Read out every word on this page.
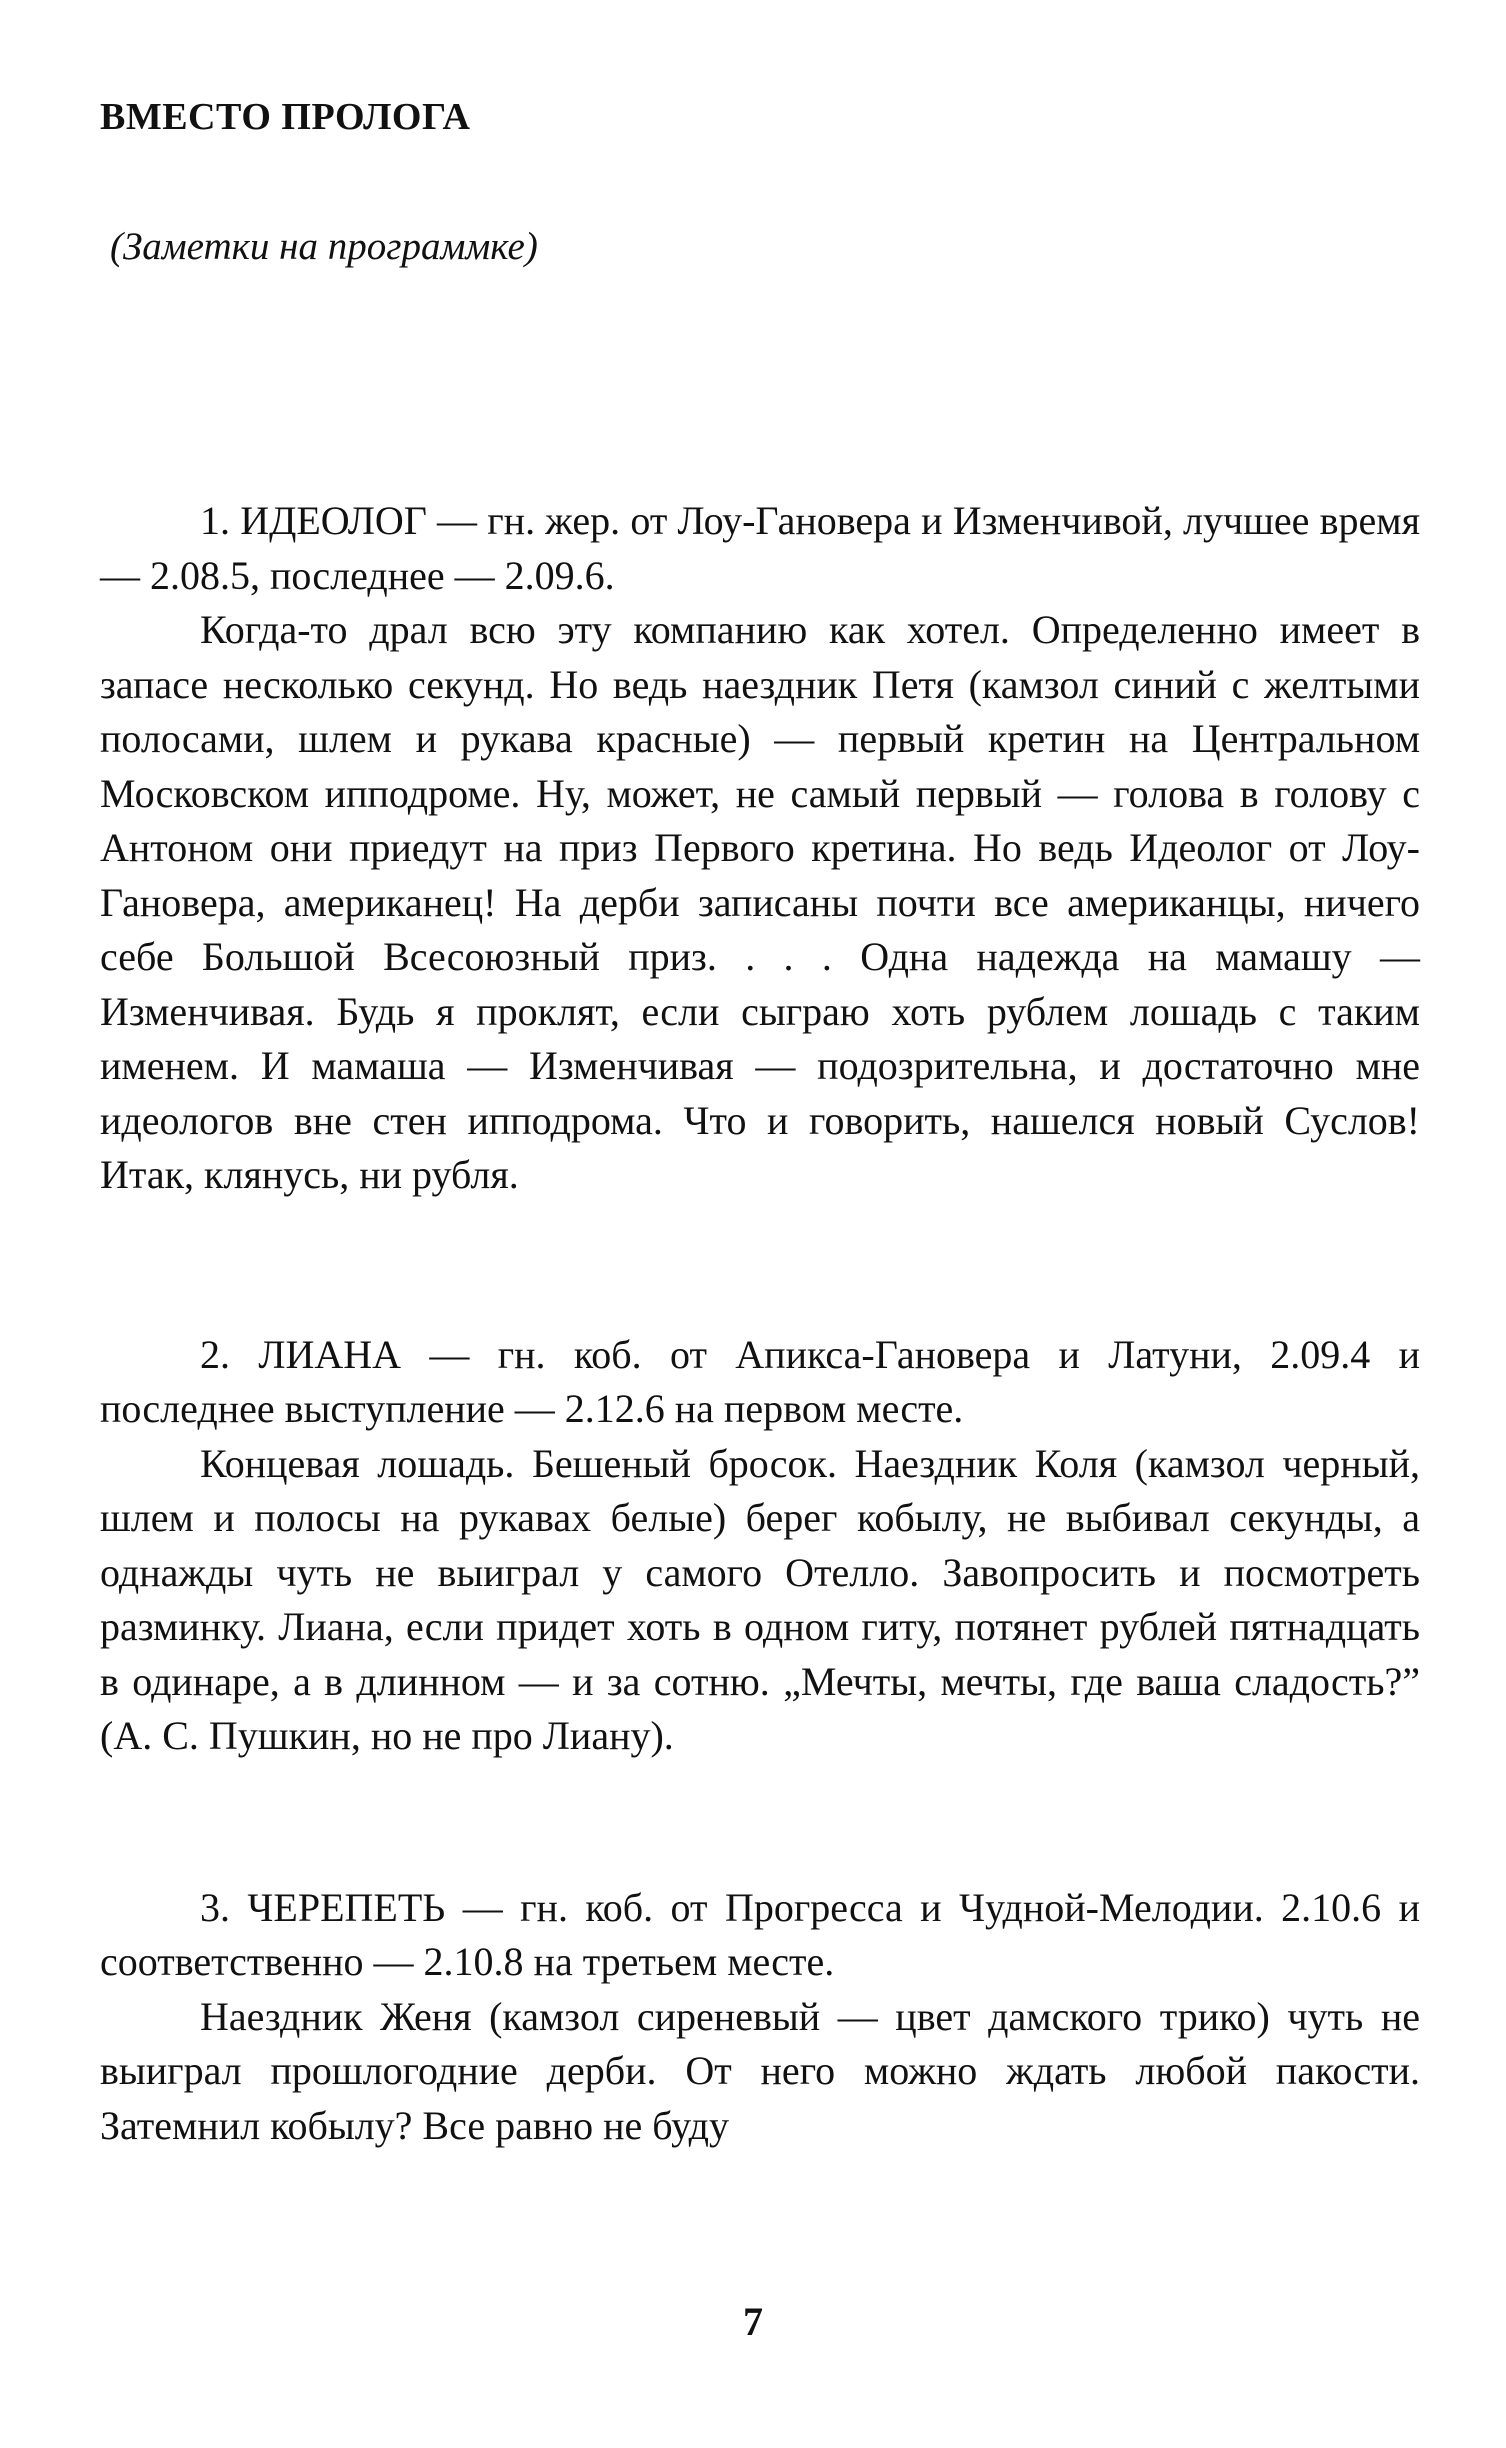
ВМЕСТО ПРОЛОГА
(Заметки на программке)

1. ИДЕОЛОГ — гн. жер. от Лоу-Гановера и Изменчивой, лучшее время — 2.08.5, последнее — 2.09.6.

Когда-то драл всю эту компанию как хотел. Определенно имеет в запасе несколько секунд. Но ведь наездник Петя (камзол синий с желтыми полосами, шлем и рукава красные) — первый кретин на Центральном Московском ипподроме. Ну, может, не самый первый — голова в голову с Антоном они приедут на приз Первого кретина. Но ведь Идеолог от Лоу-Гановера, американец! На дерби записаны почти все американцы, ничего себе Большой Всесоюзный приз. . . . Одна надежда на мамашу — Изменчивая. Будь я проклят, если сыграю хоть рублем лошадь с таким именем. И мамаша — Изменчивая — подозрительна, и достаточно мне идеологов вне стен ипподрома. Что и говорить, нашелся новый Суслов! Итак, клянусь, ни рубля.

2. ЛИАНА — гн. коб. от Апикса-Гановера и Латуни, 2.09.4 и последнее выступление — 2.12.6 на первом месте.

Концевая лошадь. Бешеный бросок. Наездник Коля (камзол черный, шлем и полосы на рукавах белые) берег кобылу, не выбивал секунды, а однажды чуть не выиграл у самого Отелло. Завопросить и посмотреть разминку. Лиана, если придет хоть в одном гиту, потянет рублей пятнадцать в одинаре, а в длинном — и за сотню. „Мечты, мечты, где ваша сладость?” (А. С. Пушкин, но не про Лиану).

3. ЧЕРЕПЕТЬ — гн. коб. от Прогресса и Чудной-Мелодии. 2.10.6 и соответственно — 2.10.8 на третьем месте.

Наездник Женя (камзол сиреневый — цвет дамского трико) чуть не выиграл прошлогодние дерби. От него можно ждать любой пакости. Затемнил кобылу? Все равно не буду

7
